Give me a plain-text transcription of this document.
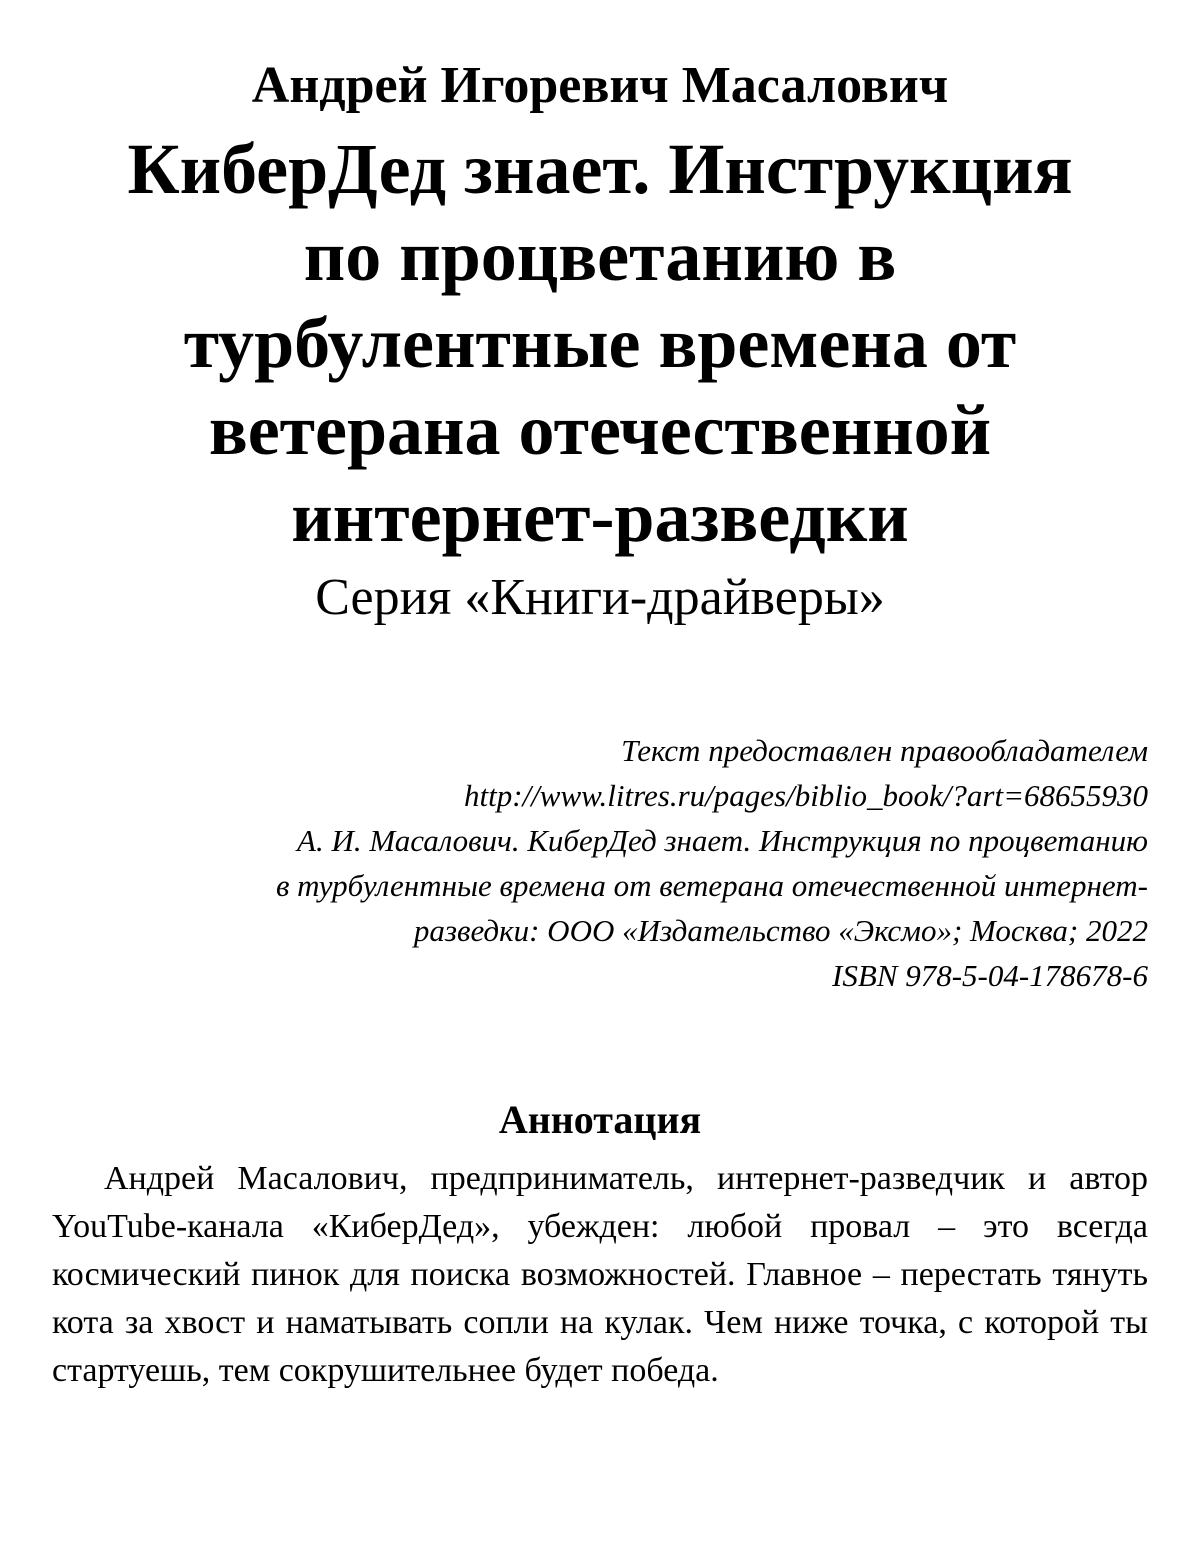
Андрей Игоревич Масалович
КиберДед знает. Инструкция по процветанию в турбулентные времена от ветерана отечественной интернет-разведки
Серия «Книги-драйверы»
Текст предоставлен правообладателем
http://www.litres.ru/pages/biblio_book/?art=68655930
А. И. Масалович. КиберДед знает. Инструкция по процветанию
в турбулентные времена от ветерана отечественной интернет-
разведки: ООО «Издательство «Эксмо»; Москва; 2022
ISBN 978-5-04-178678-6
Аннотация

Андрей Масалович, предприниматель, интернет-разведчик и автор YouTube-канала «КиберДед», убежден: любой провал – это всегда космический пинок для поиска возможностей. Главное – перестать тянуть кота за хвост и наматывать сопли на кулак. Чем ниже точка, с которой ты стартуешь, тем сокрушительнее будет победа.
